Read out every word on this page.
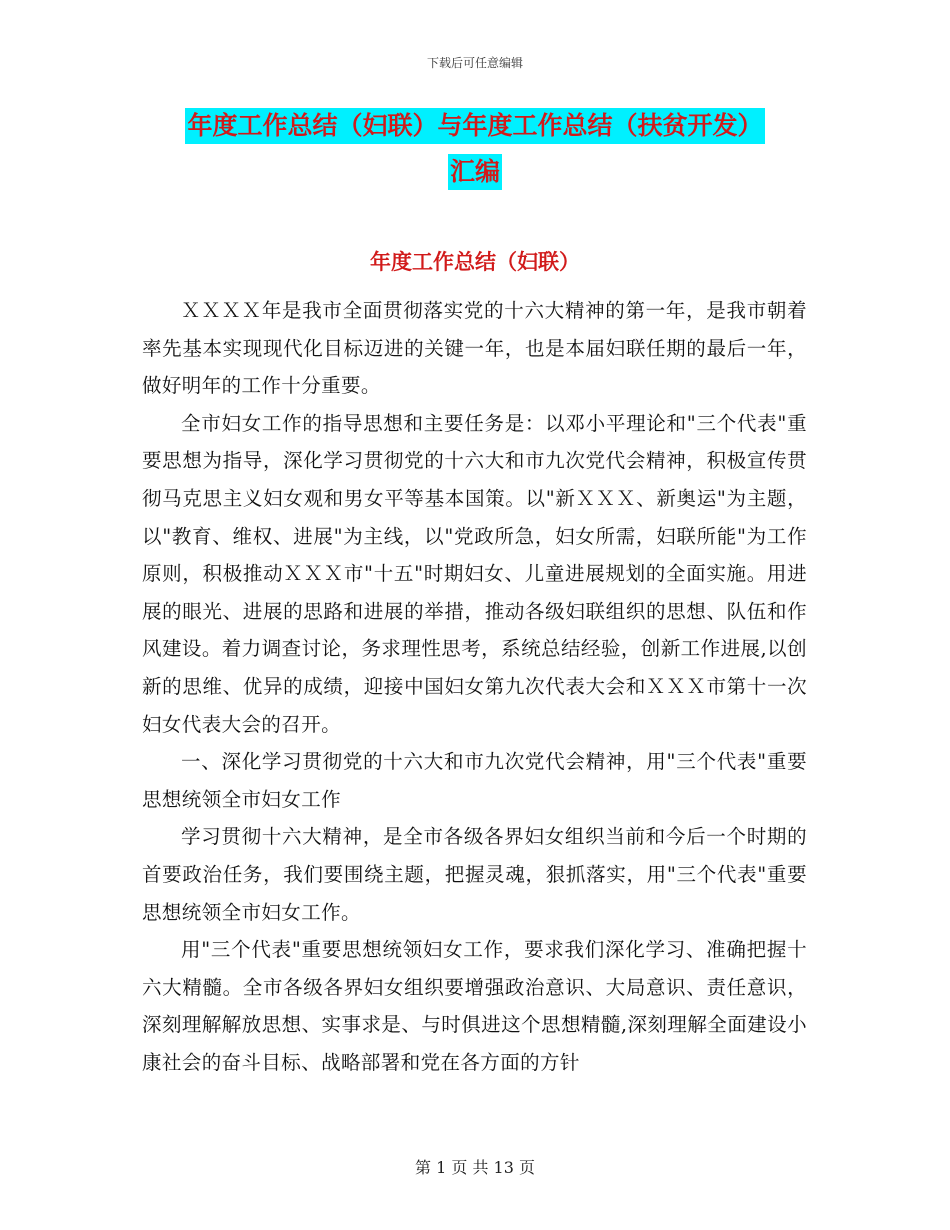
下载后可任意编辑
年度工作总结（妇联）与年度工作总结（扶贫开发）
汇编
年度工作总结（妇联）

ＸＸＸＸ年是我市全面贯彻落实党的十六大精神的第一年，是我市朝着率先基本实现现代化目标迈进的关键一年，也是本届妇联任期的最后一年，做好明年的工作十分重要。

全市妇女工作的指导思想和主要任务是：以邓小平理论和"三个代表"重要思想为指导，深化学习贯彻党的十六大和市九次党代会精神，积极宣传贯彻马克思主义妇女观和男女平等基本国策。以"新ＸＸＸ、新奥运"为主题，以"教育、维权、进展"为主线，以"党政所急，妇女所需，妇联所能"为工作原则，积极推动ＸＸＸ市"十五"时期妇女、儿童进展规划的全面实施。用进展的眼光、进展的思路和进展的举措，推动各级妇联组织的思想、队伍和作风建设。着力调查讨论，务求理性思考，系统总结经验，创新工作进展,以创新的思维、优异的成绩，迎接中国妇女第九次代表大会和ＸＸＸ市第十一次妇女代表大会的召开。

一、深化学习贯彻党的十六大和市九次党代会精神，用"三个代表"重要思想统领全市妇女工作

学习贯彻十六大精神，是全市各级各界妇女组织当前和今后一个时期的首要政治任务，我们要围绕主题，把握灵魂，狠抓落实，用"三个代表"重要思想统领全市妇女工作。

用"三个代表"重要思想统领妇女工作，要求我们深化学习、准确把握十六大精髓。全市各级各界妇女组织要增强政治意识、大局意识、责任意识，深刻理解解放思想、实事求是、与时俱进这个思想精髓,深刻理解全面建设小康社会的奋斗目标、战略部署和党在各方面的方针

第 1 页 共 13 页
